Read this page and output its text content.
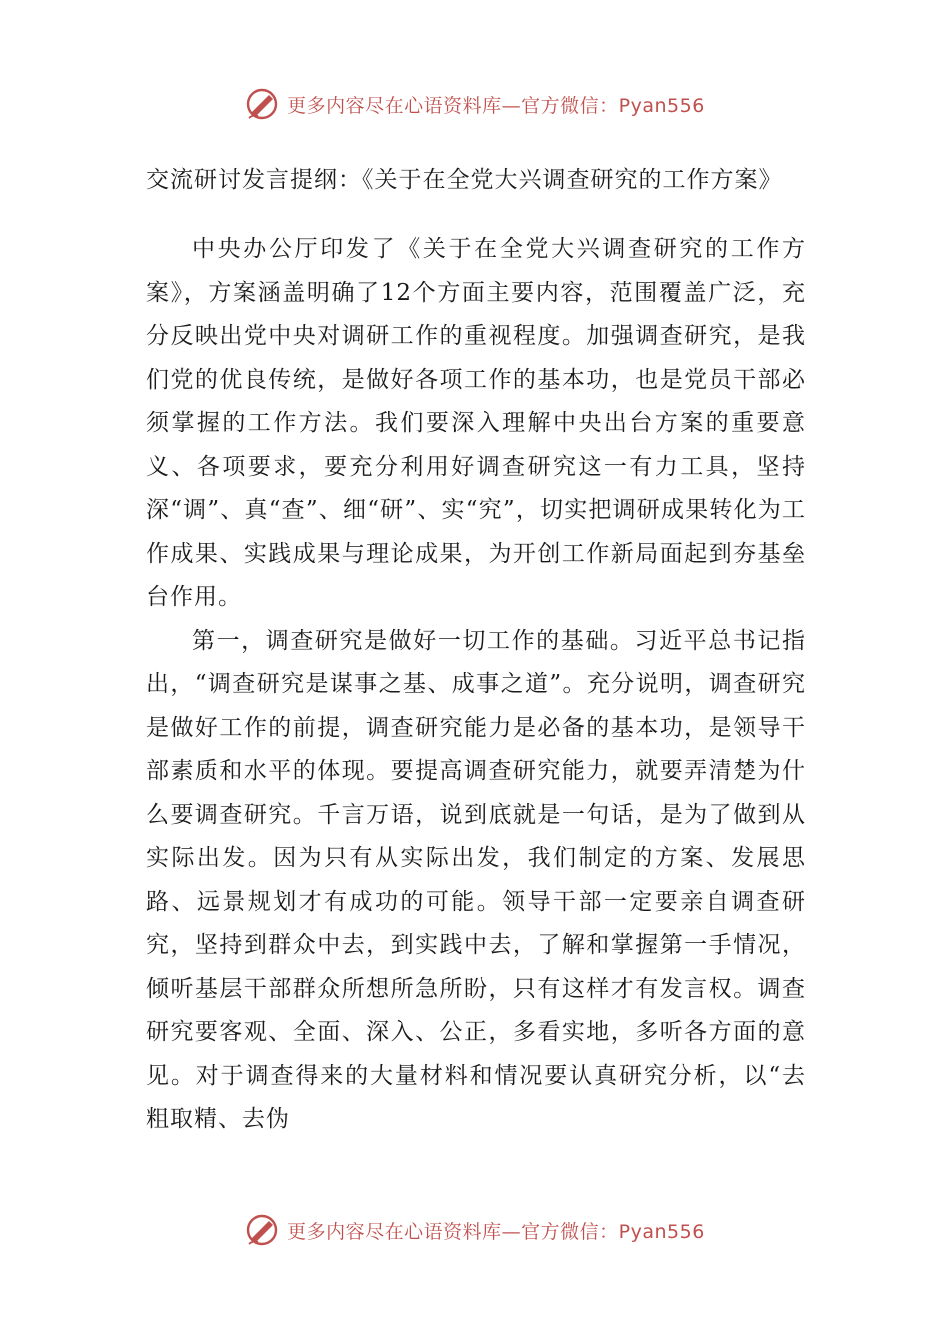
更多内容尽在心语资料库—官方微信：Pyan556
交流研讨发言提纲：《关于在全党大兴调查研究的工作方案》

中央办公厅印发了《关于在全党大兴调查研究的工作方案》，方案涵盖明确了12个方面主要内容，范围覆盖广泛，充分反映出党中央对调研工作的重视程度。加强调查研究，是我们党的优良传统，是做好各项工作的基本功，也是党员干部必须掌握的工作方法。我们要深入理解中央出台方案的重要意义、各项要求，要充分利用好调查研究这一有力工具，坚持深“调”、真“查”、细“研”、实“究”，切实把调研成果转化为工作成果、实践成果与理论成果，为开创工作新局面起到夯基垒台作用。

第一，调查研究是做好一切工作的基础。习近平总书记指出，“调查研究是谋事之基、成事之道”。充分说明，调查研究是做好工作的前提，调查研究能力是必备的基本功，是领导干部素质和水平的体现。要提高调查研究能力，就要弄清楚为什么要调查研究。千言万语，说到底就是一句话，是为了做到从实际出发。因为只有从实际出发，我们制定的方案、发展思路、远景规划才有成功的可能。领导干部一定要亲自调查研究，坚持到群众中去，到实践中去，了解和掌握第一手情况，倾听基层干部群众所想所急所盼，只有这样才有发言权。调查研究要客观、全面、深入、公正，多看实地，多听各方面的意见。对于调查得来的大量材料和情况要认真研究分析，以“去粗取精、去伪

更多内容尽在心语资料库—官方微信：Pyan556
